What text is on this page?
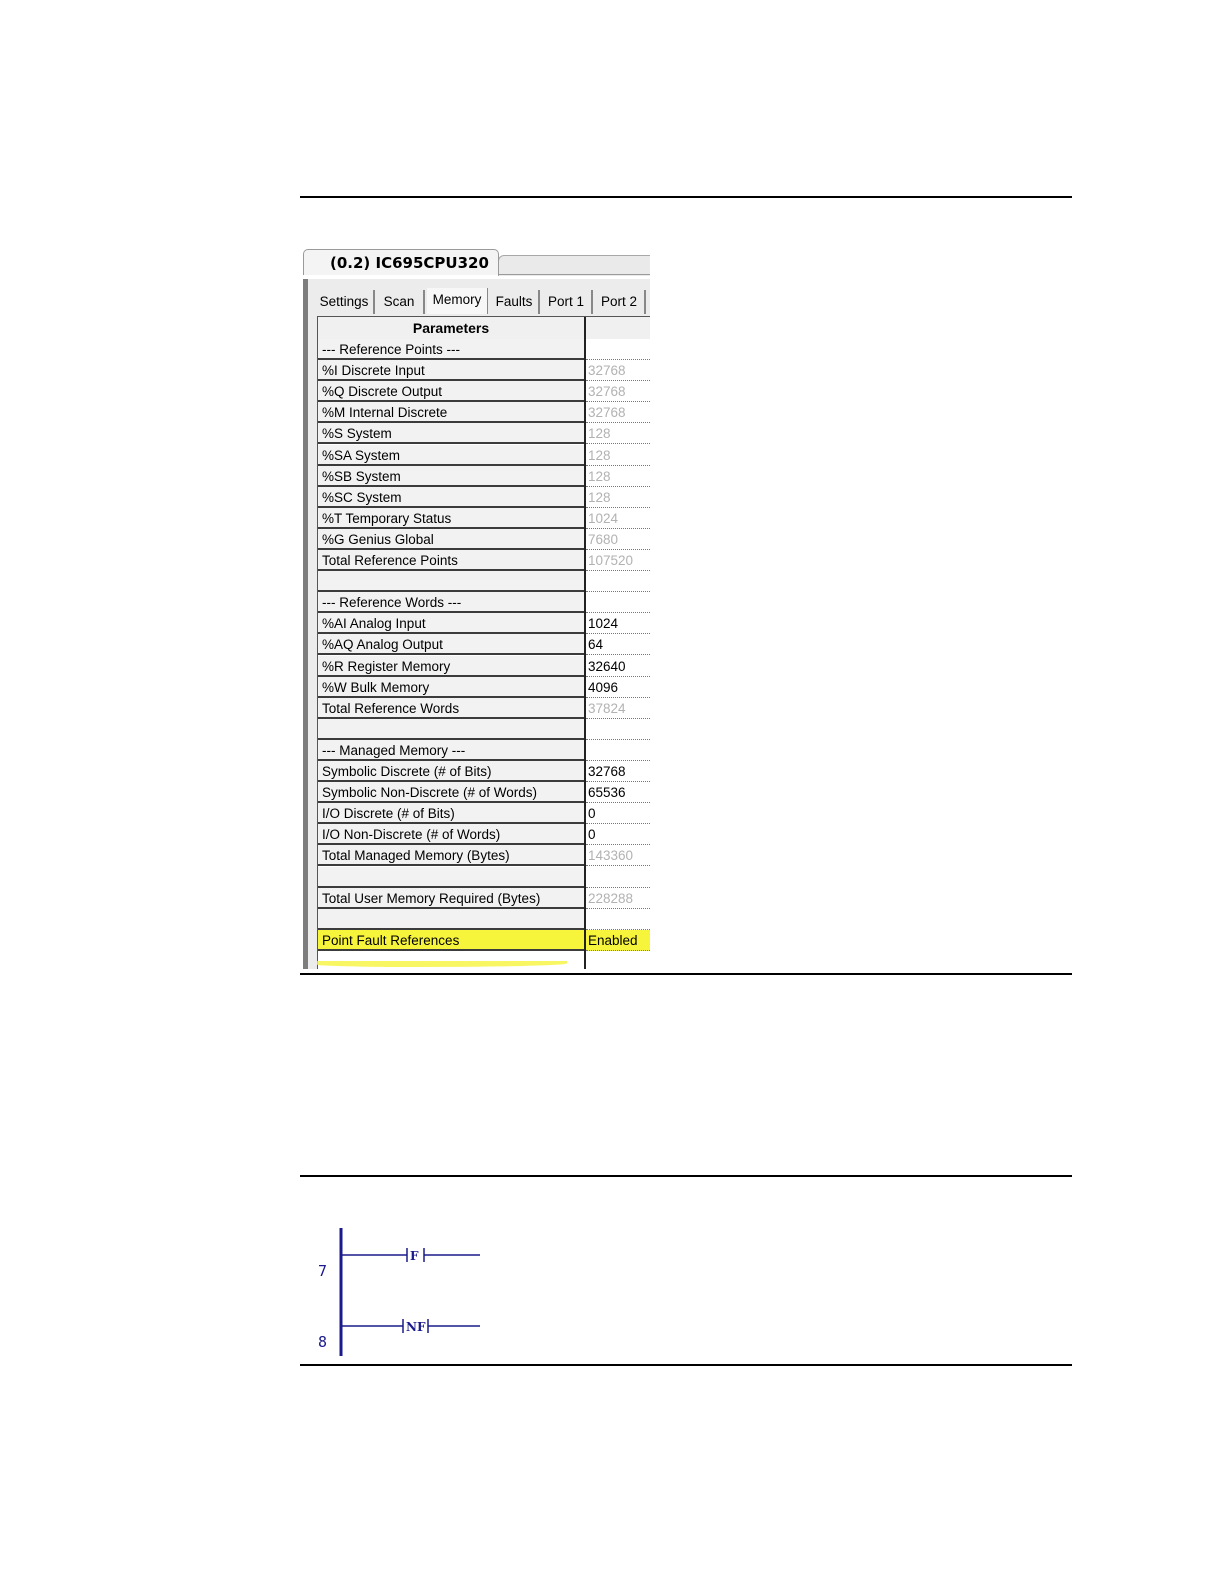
(0.2) IC695CPU320
Settings	Scan	Memory	Faults	Port 1	Port 2
Parameters
--- Reference Points ---
%I Discrete Input	32768
%Q Discrete Output	32768
%M Internal Discrete	32768
%S System	128
%SA System	128
%SB System	128
%SC System	128
%T Temporary Status	1024
%G Genius Global	7680
Total Reference Points	107520
--- Reference Words ---
%AI Analog Input	1024
%AQ Analog Output	64
%R Register Memory	32640
%W Bulk Memory	4096
Total Reference Words	37824
--- Managed Memory ---
Symbolic Discrete (# of Bits)	32768
Symbolic Non-Discrete (# of Words)	65536
I/O Discrete (# of Bits)	0
I/O Non-Discrete (# of Words)	0
Total Managed Memory (Bytes)	143360
Total User Memory Required (Bytes)	228288
Point Fault References	Enabled
7
F
8
NF
